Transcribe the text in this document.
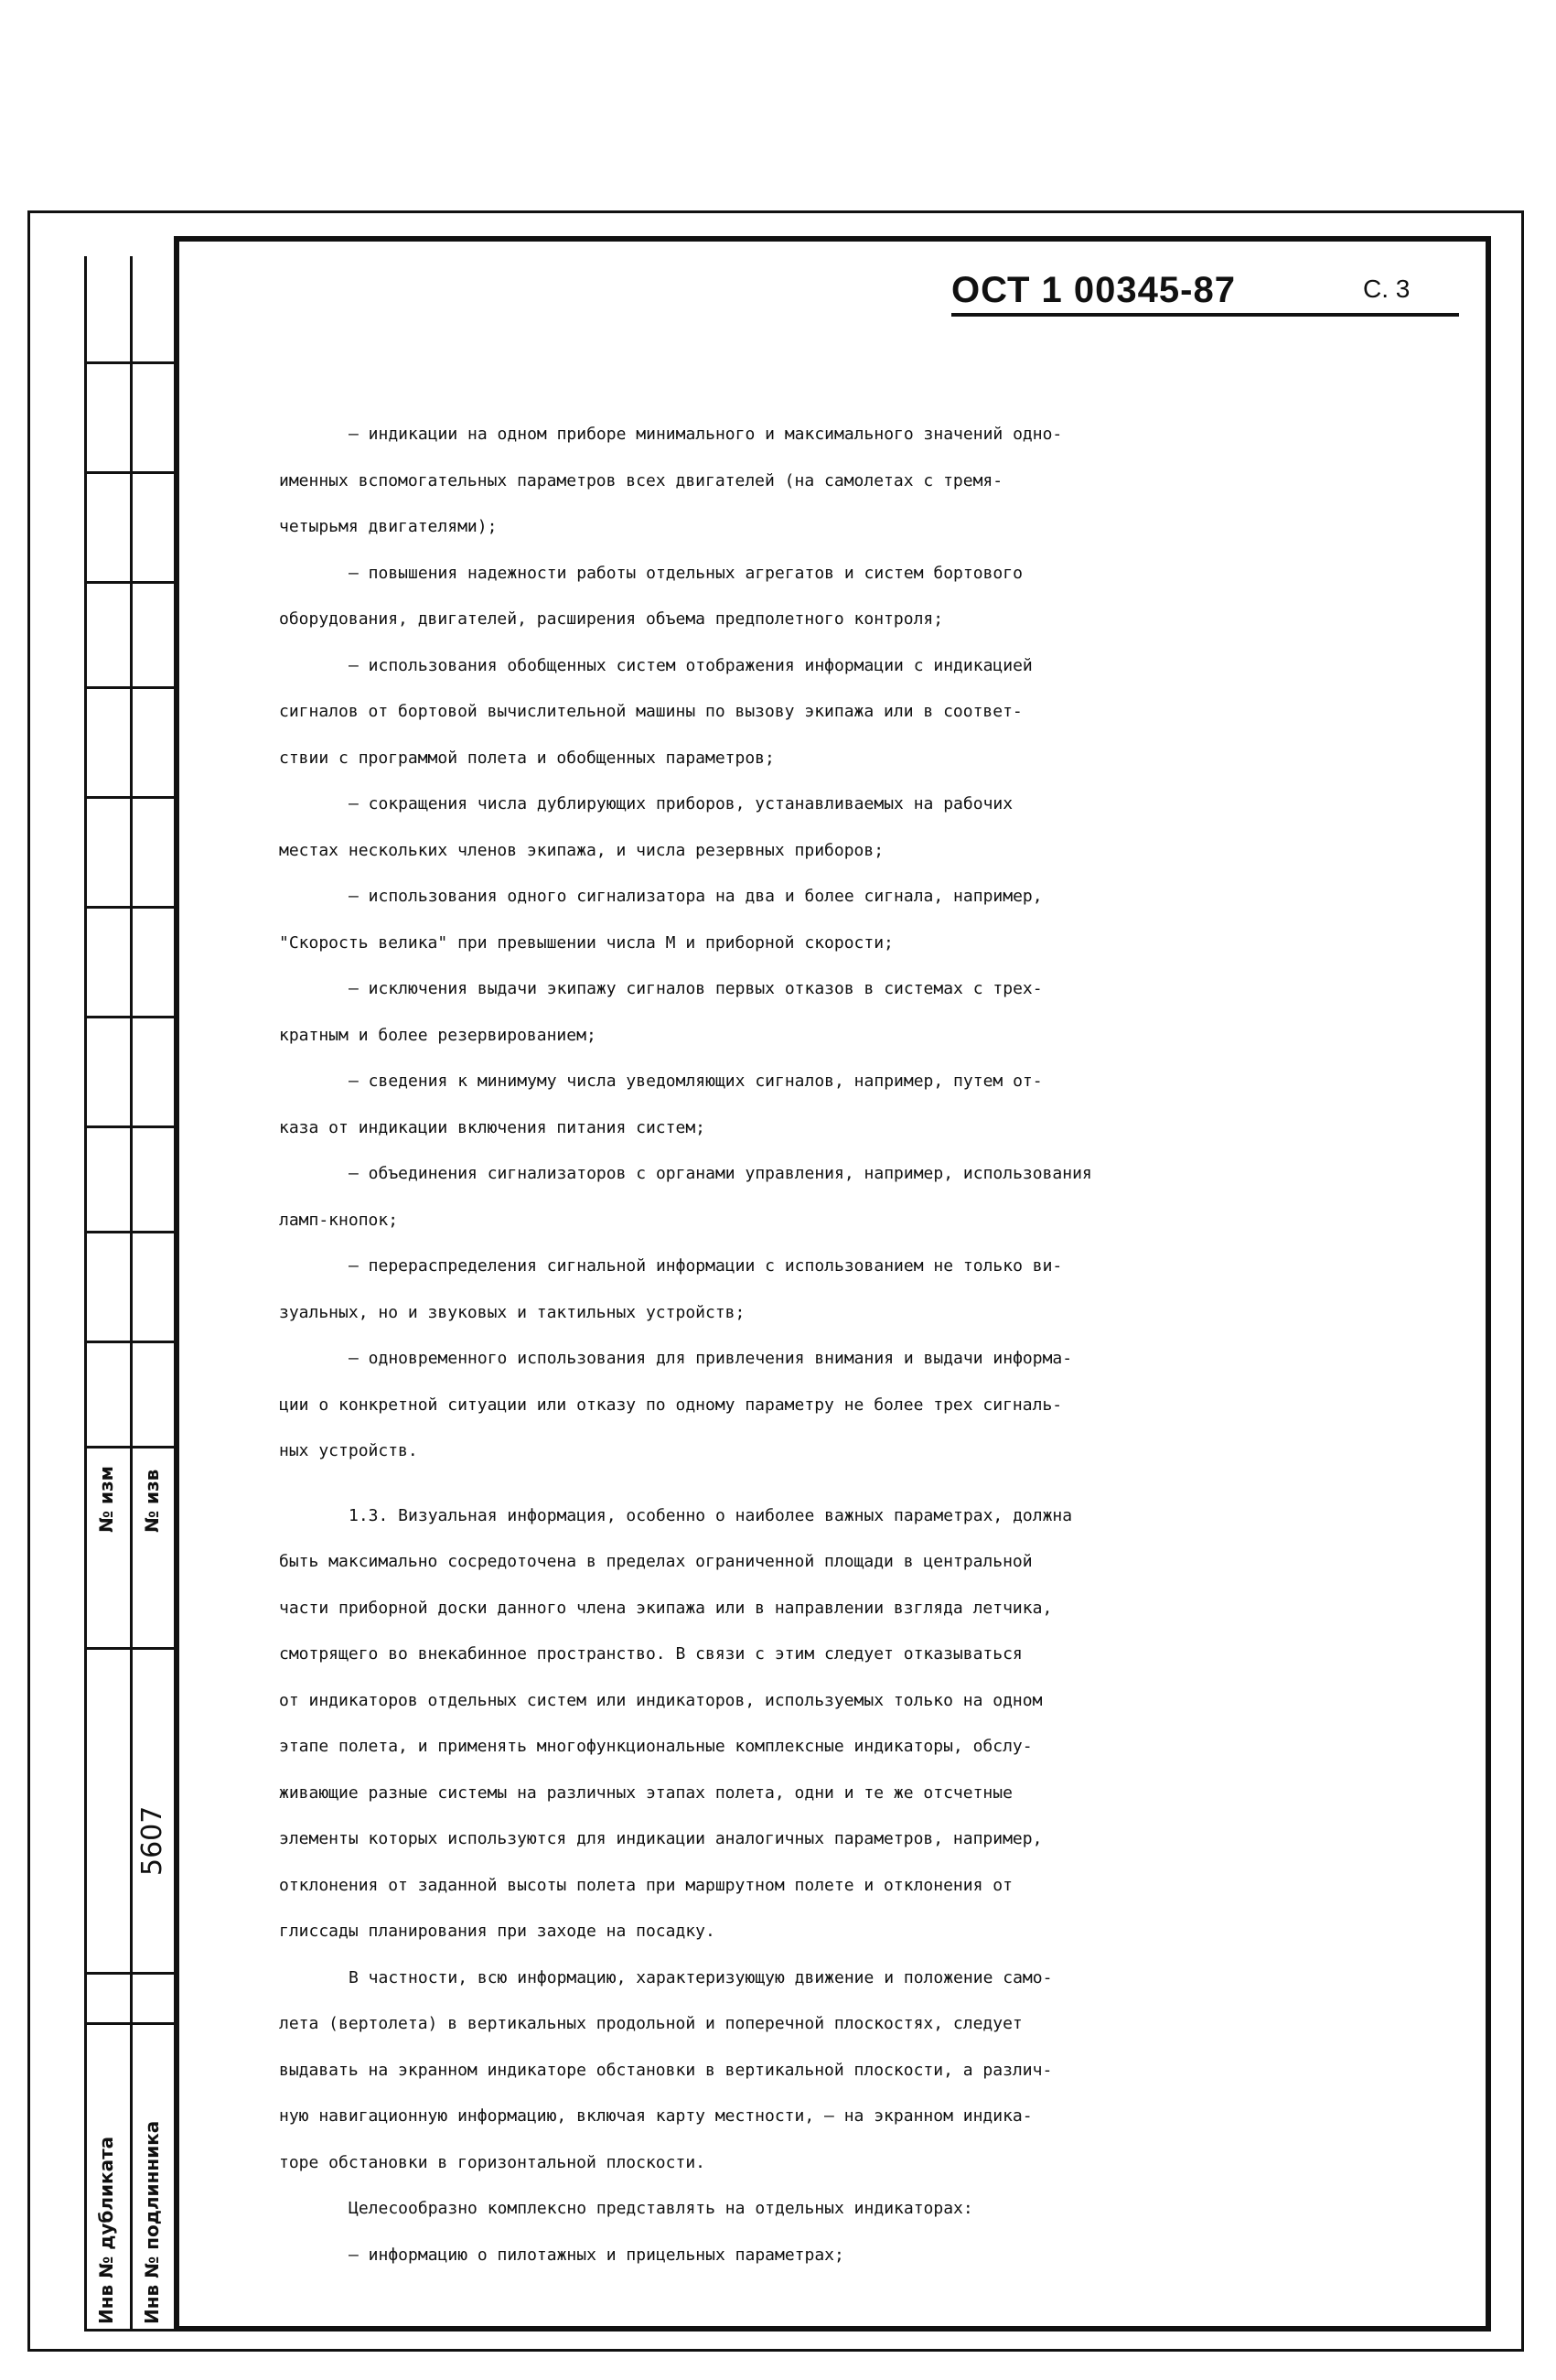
№ изм № изв
5607
Инв № дубликата Инв № подлинника
ОСТ 1 00345-87	С. 3
– индикации на одном приборе минимального и максимального значений одно-
именных вспомогательных параметров всех двигателей (на самолетах с тремя-
четырьмя двигателями);
– повышения надежности работы отдельных агрегатов и систем бортового
оборудования, двигателей, расширения объема предполетного контроля;
– использования обобщенных систем отображения информации с индикацией
сигналов от бортовой вычислительной машины по вызову экипажа или в соответ-
ствии с программой полета и обобщенных параметров;
– сокращения числа дублирующих приборов, устанавливаемых на рабочих
местах нескольких членов экипажа, и числа резервных приборов;
– использования одного сигнализатора на два и более сигнала, например,
"Скорость велика" при превышении числа М и приборной скорости;
– исключения выдачи экипажу сигналов первых отказов в системах с трех-
кратным и более резервированием;
– сведения к минимуму числа уведомляющих сигналов, например, путем от-
каза от индикации включения питания систем;
– объединения сигнализаторов с органами управления, например, использования
ламп-кнопок;
– перераспределения сигнальной информации с использованием не только ви-
зуальных, но и звуковых и тактильных устройств;
– одновременного использования для привлечения внимания и выдачи информа-
ции о конкретной ситуации или отказу по одному параметру не более трех сигналь-
ных устройств.
1.3. Визуальная информация, особенно о наиболее важных параметрах, должна
быть максимально сосредоточена в пределах ограниченной площади в центральной
части приборной доски данного члена экипажа или в направлении взгляда летчика,
смотрящего во внекабинное пространство. В связи с этим следует отказываться
от индикаторов отдельных систем или индикаторов, используемых только на одном
этапе полета, и применять многофункциональные комплексные индикаторы, обслу-
живающие разные системы на различных этапах полета, одни и те же отсчетные
элементы которых используются для индикации аналогичных параметров, например,
отклонения от заданной высоты полета при маршрутном полете и отклонения от
глиссады планирования при заходе на посадку.
В частности, всю информацию, характеризующую движение и положение само-
лета (вертолета) в вертикальных продольной и поперечной плоскостях, следует
выдавать на экранном индикаторе обстановки в вертикальной плоскости, а различ-
ную навигационную информацию, включая карту местности, – на экранном индика-
торе обстановки в горизонтальной плоскости.
Целесообразно комплексно представлять на отдельных индикаторах:
– информацию о пилотажных и прицельных параметрах;
